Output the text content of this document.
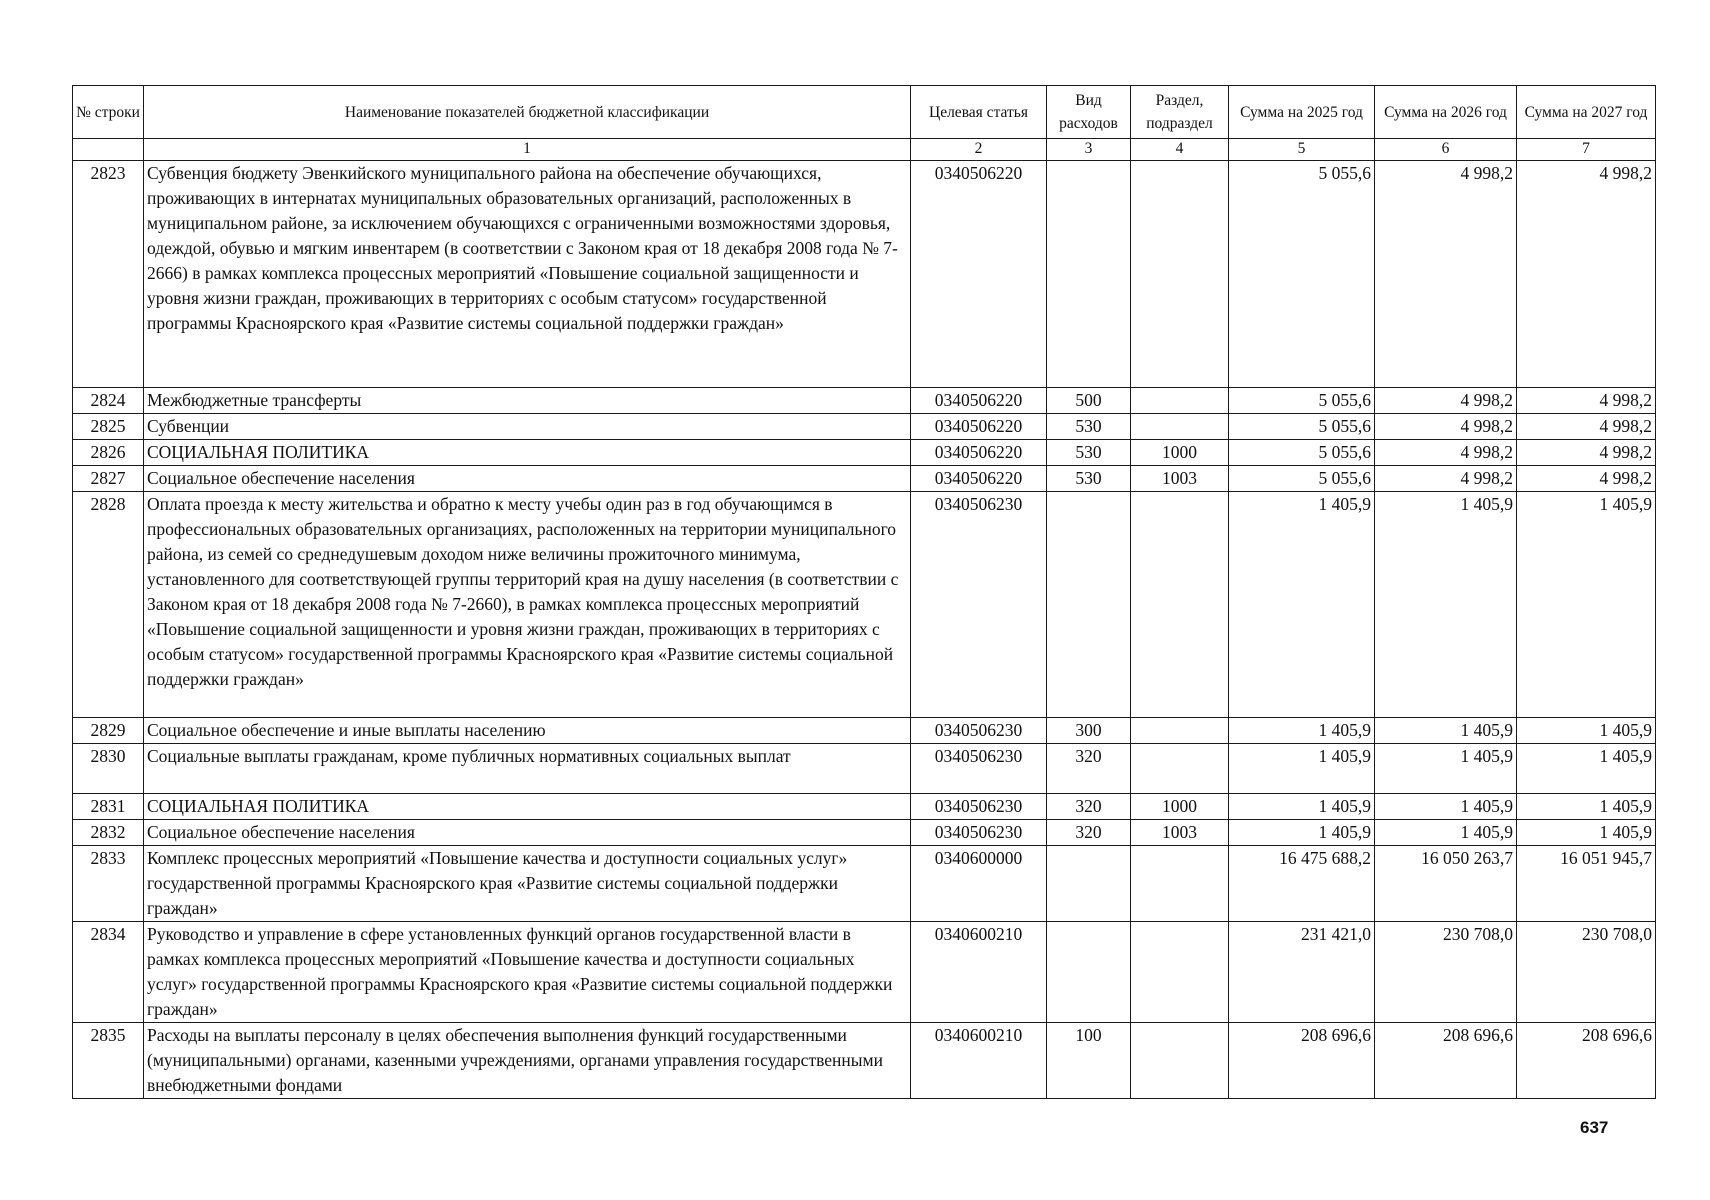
№ строки	Наименование показателей бюджетной классификации	Целевая статья	Вид расходов	Раздел, подраздел	Сумма на 2025 год	Сумма на 2026 год	Сумма на 2027 год
	1	2	3	4	5	6	7
2823	Субвенция бюджету Эвенкийского муниципального района на обеспечение обучающихся, проживающих в интернатах муниципальных образовательных организаций, расположенных в муниципальном районе, за исключением обучающихся с ограниченными возможностями здоровья, одеждой, обувью и мягким инвентарем (в соответствии с Законом края от 18 декабря 2008 года № 7-2666) в рамках комплекса процессных мероприятий «Повышение социальной защищенности и уровня жизни граждан, проживающих в территориях с особым статусом» государственной программы Красноярского края «Развитие системы социальной поддержки граждан»	0340506220			5 055,6	4 998,2	4 998,2
2824	Межбюджетные трансферты	0340506220	500		5 055,6	4 998,2	4 998,2
2825	Субвенции	0340506220	530		5 055,6	4 998,2	4 998,2
2826	СОЦИАЛЬНАЯ ПОЛИТИКА	0340506220	530	1000	5 055,6	4 998,2	4 998,2
2827	Социальное обеспечение населения	0340506220	530	1003	5 055,6	4 998,2	4 998,2
2828	Оплата проезда к месту жительства и обратно к месту учебы один раз в год обучающимся в профессиональных образовательных организациях, расположенных на территории муниципального района, из семей со среднедушевым доходом ниже величины прожиточного минимума, установленного для соответствующей группы территорий края на душу населения (в соответствии с Законом края от 18 декабря 2008 года № 7-2660), в рамках комплекса процессных мероприятий «Повышение социальной защищенности и уровня жизни граждан, проживающих в территориях с особым статусом» государственной программы Красноярского края «Развитие системы социальной поддержки граждан»	0340506230			1 405,9	1 405,9	1 405,9
2829	Социальное обеспечение и иные выплаты населению	0340506230	300		1 405,9	1 405,9	1 405,9
2830	Социальные выплаты гражданам, кроме публичных нормативных социальных выплат	0340506230	320		1 405,9	1 405,9	1 405,9
2831	СОЦИАЛЬНАЯ ПОЛИТИКА	0340506230	320	1000	1 405,9	1 405,9	1 405,9
2832	Социальное обеспечение населения	0340506230	320	1003	1 405,9	1 405,9	1 405,9
2833	Комплекс процессных мероприятий «Повышение качества и доступности социальных услуг» государственной программы Красноярского края «Развитие системы социальной поддержки граждан»	0340600000			16 475 688,2	16 050 263,7	16 051 945,7
2834	Руководство и управление в сфере установленных функций органов государственной власти в рамках комплекса процессных мероприятий «Повышение качества и доступности социальных услуг» государственной программы Красноярского края «Развитие системы социальной поддержки граждан»	0340600210			231 421,0	230 708,0	230 708,0
2835	Расходы на выплаты персоналу в целях обеспечения выполнения функций государственными (муниципальными) органами, казенными учреждениями, органами управления государственными внебюджетными фондами	0340600210	100		208 696,6	208 696,6	208 696,6
637
